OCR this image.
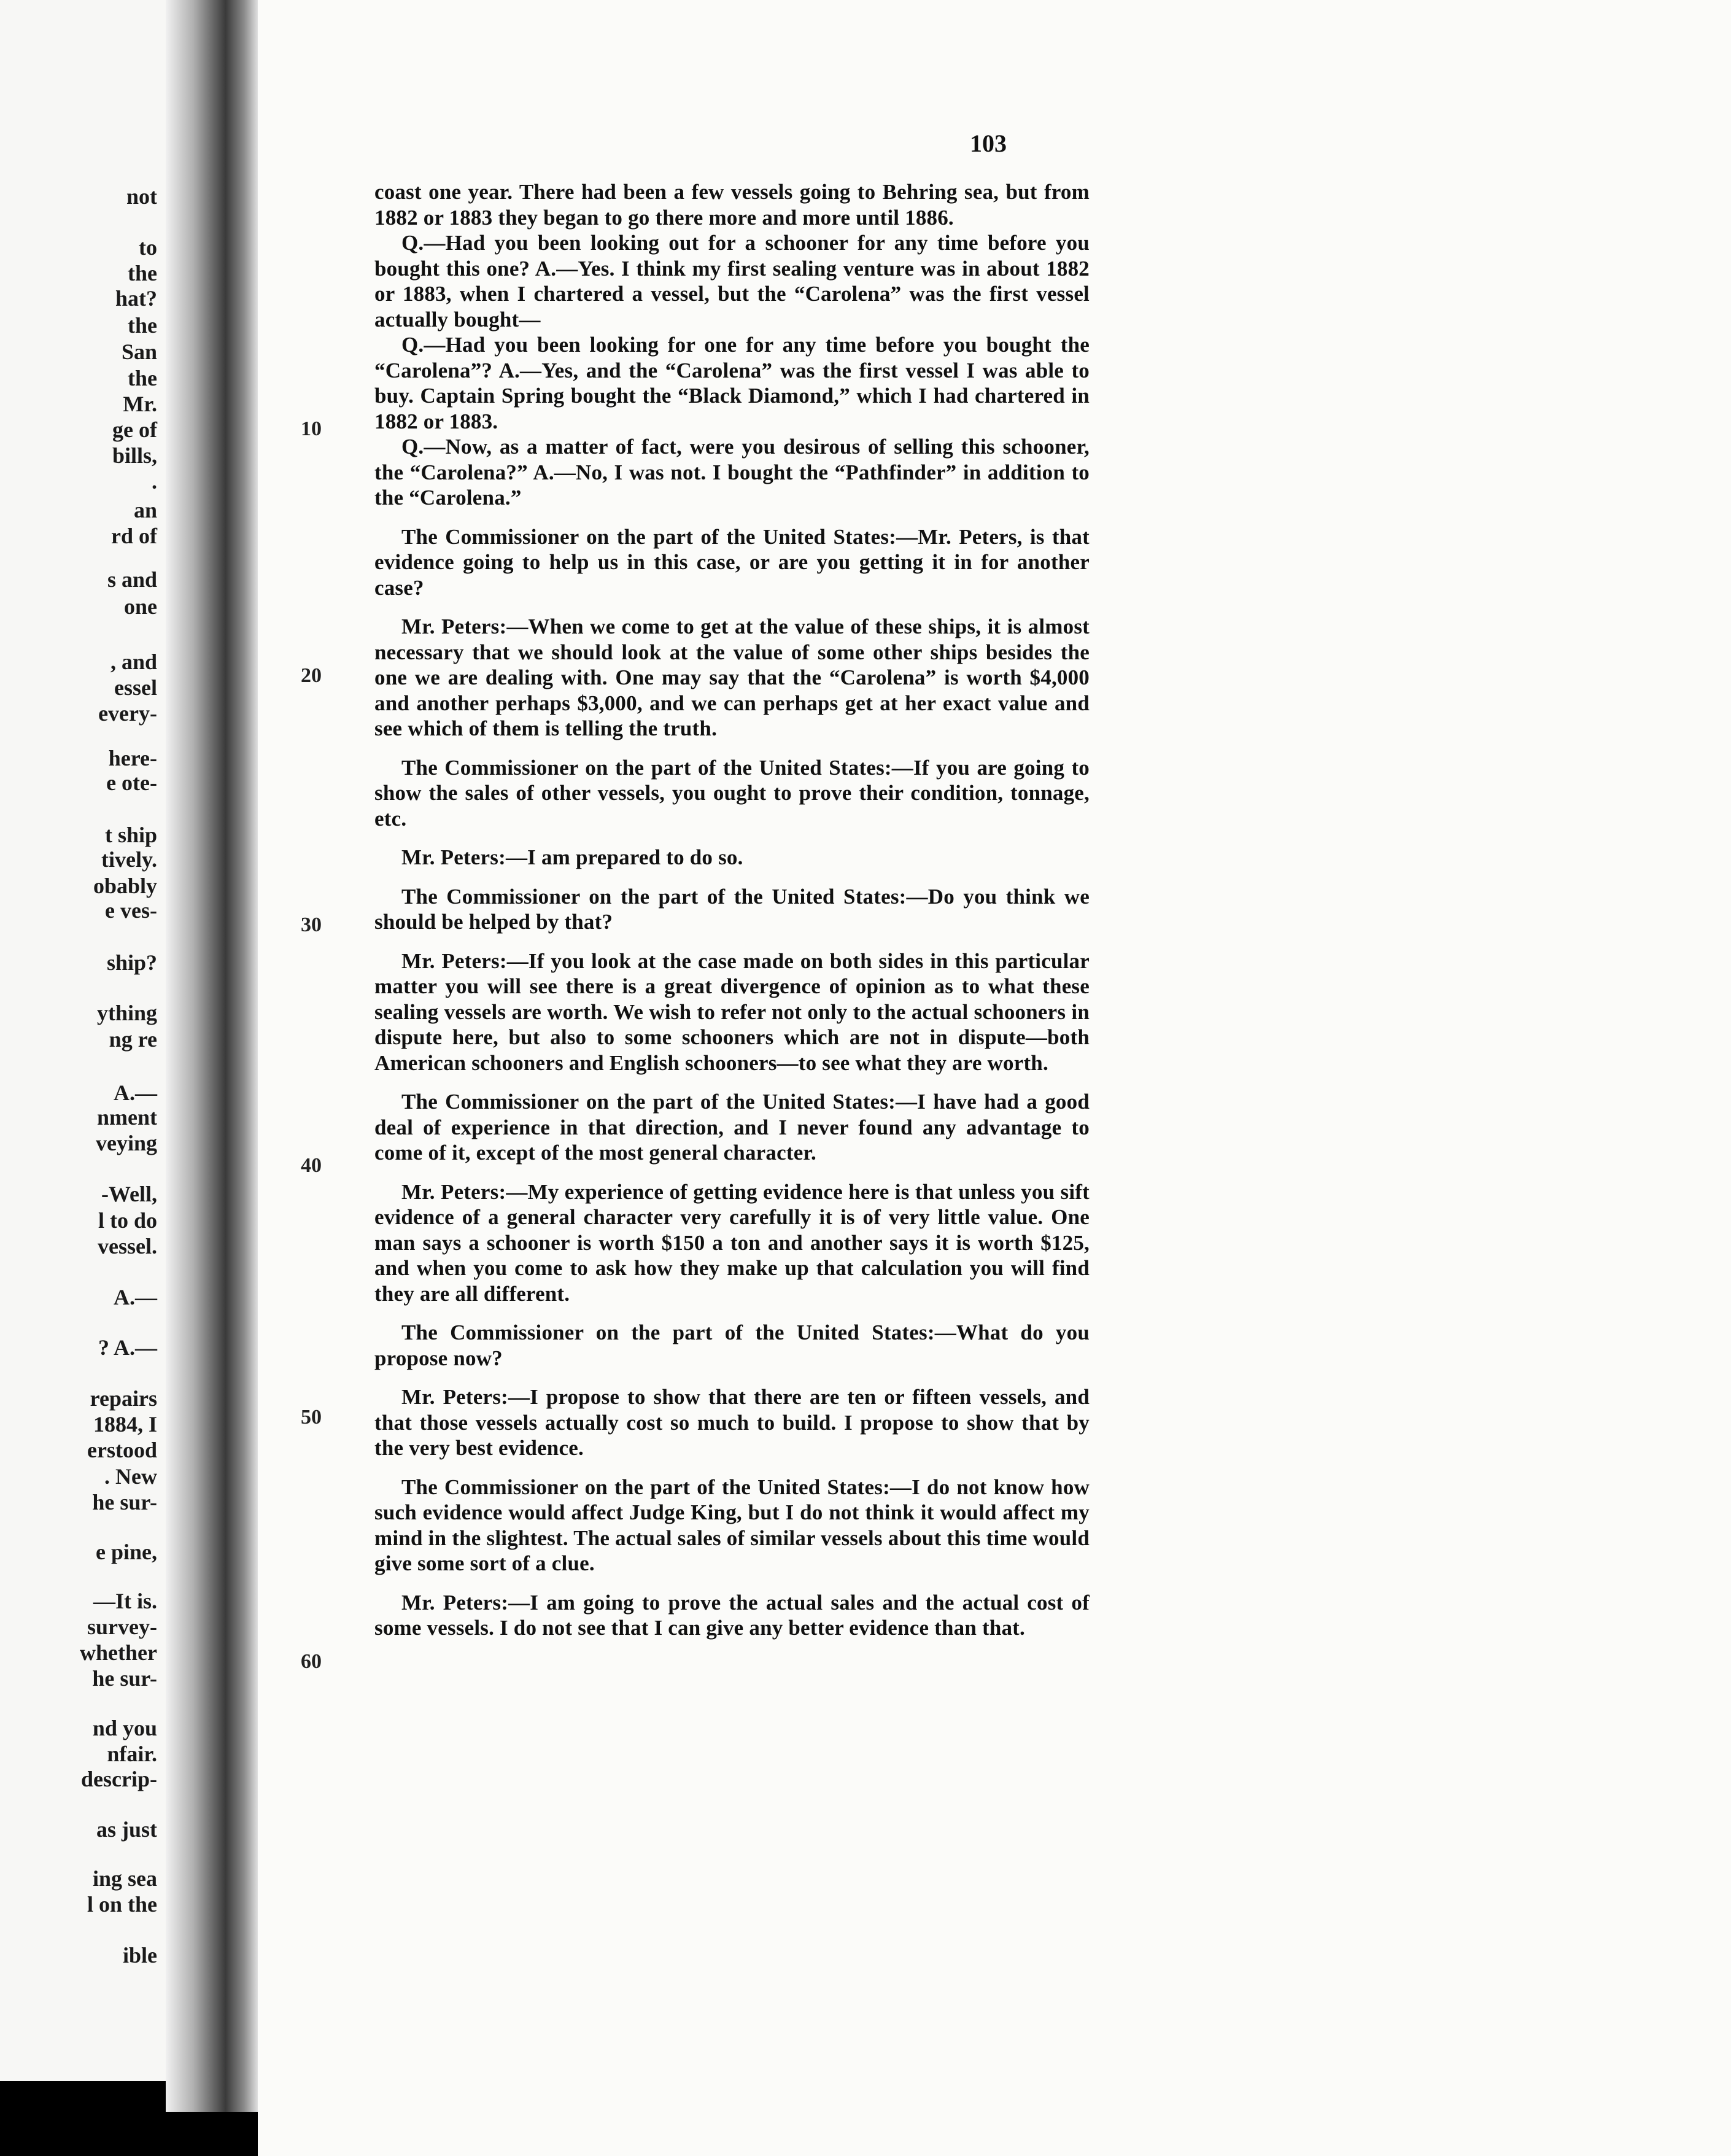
not
to
the
hat?
the
San
the
Mr.
ge of
bills,
.
an
rd of
s and
one
, and
essel
every-
here-
e ote-
t ship
tively.
obably
e ves-
ship?
ything
ng re
A.—
nment
veying
-Well,
l to do
vessel.
A.—
? A.—
repairs
1884, I
erstood
. New
he sur-
e pine,
—It is.
survey-
whether
he sur-
nd you
nfair.
descrip-
as just
ing sea
l on the
ible
103
10
20
30
40
50
60

coast one year. There had been a few vessels going to Behring sea, but from 1882 or 1883 they began to go there more and more until 1886.

Q.—Had you been looking out for a schooner for any time before you bought this one? A.—Yes. I think my first sealing venture was in about 1882 or 1883, when I chartered a vessel, but the “Carolena” was the first vessel actually bought—

Q.—Had you been looking for one for any time before you bought the “Carolena”? A.—Yes, and the “Carolena” was the first vessel I was able to buy. Captain Spring bought the “Black Diamond,” which I had chartered in 1882 or 1883.

Q.—Now, as a matter of fact, were you desirous of selling this schooner, the “Carolena?” A.—No, I was not. I bought the “Pathfinder” in addition to the “Carolena.”

The Commissioner on the part of the United States:—Mr. Peters, is that evidence going to help us in this case, or are you getting it in for another case?

Mr. Peters:—When we come to get at the value of these ships, it is almost necessary that we should look at the value of some other ships besides the one we are dealing with. One may say that the “Carolena” is worth $4,000 and another perhaps $3,000, and we can perhaps get at her exact value and see which of them is telling the truth.

The Commissioner on the part of the United States:—If you are going to show the sales of other vessels, you ought to prove their condition, tonnage, etc.

Mr. Peters:—I am prepared to do so.

The Commissioner on the part of the United States:—Do you think we should be helped by that?

Mr. Peters:—If you look at the case made on both sides in this particular matter you will see there is a great divergence of opinion as to what these sealing vessels are worth. We wish to refer not only to the actual schooners in dispute here, but also to some schooners which are not in dispute—both American schooners and English schooners—to see what they are worth.

The Commissioner on the part of the United States:—I have had a good deal of experience in that direction, and I never found any advantage to come of it, except of the most general character.

Mr. Peters:—My experience of getting evidence here is that unless you sift evidence of a general character very carefully it is of very little value. One man says a schooner is worth $150 a ton and another says it is worth $125, and when you come to ask how they make up that calculation you will find they are all different.

The Commissioner on the part of the United States:—What do you propose now?

Mr. Peters:—I propose to show that there are ten or fifteen vessels, and that those vessels actually cost so much to build. I propose to show that by the very best evidence.

The Commissioner on the part of the United States:—I do not know how such evidence would affect Judge King, but I do not think it would affect my mind in the slightest. The actual sales of similar vessels about this time would give some sort of a clue.

Mr. Peters:—I am going to prove the actual sales and the actual cost of some vessels. I do not see that I can give any better evidence than that.
